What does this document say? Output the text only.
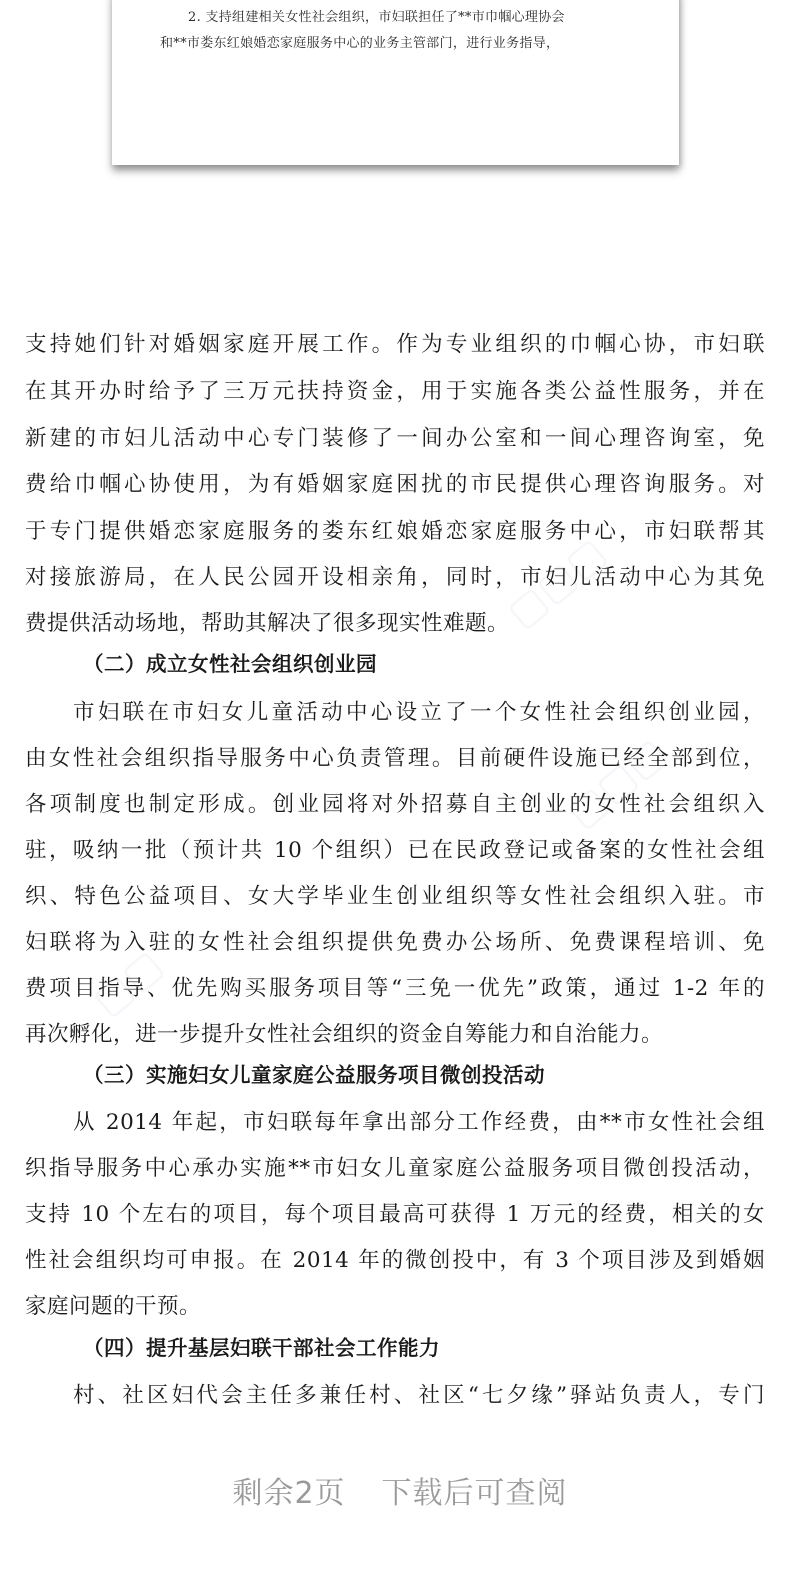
2. 支持组建相关女性社会组织，市妇联担任了**市巾帼心理协会
和**市娄东红娘婚恋家庭服务中心的业务主管部门，进行业务指导，
▢▢▢
▢▢▢
▢▢
支持她们针对婚姻家庭开展工作。作为专业组织的巾帼心协，市妇联
在其开办时给予了三万元扶持资金，用于实施各类公益性服务，并在
新建的市妇儿活动中心专门装修了一间办公室和一间心理咨询室，免
费给巾帼心协使用，为有婚姻家庭困扰的市民提供心理咨询服务。对
于专门提供婚恋家庭服务的娄东红娘婚恋家庭服务中心，市妇联帮其
对接旅游局，在人民公园开设相亲角，同时，市妇儿活动中心为其免
费提供活动场地，帮助其解决了很多现实性难题。
（二）成立女性社会组织创业园
市妇联在市妇女儿童活动中心设立了一个女性社会组织创业园，
由女性社会组织指导服务中心负责管理。目前硬件设施已经全部到位，
各项制度也制定形成。创业园将对外招募自主创业的女性社会组织入
驻，吸纳一批（预计共 10 个组织）已在民政登记或备案的女性社会组
织、特色公益项目、女大学毕业生创业组织等女性社会组织入驻。市
妇联将为入驻的女性社会组织提供免费办公场所、免费课程培训、免
费项目指导、优先购买服务项目等“三免一优先”政策，通过 1-2 年的
再次孵化，进一步提升女性社会组织的资金自筹能力和自治能力。
（三）实施妇女儿童家庭公益服务项目微创投活动
从 2014 年起，市妇联每年拿出部分工作经费，由**市女性社会组
织指导服务中心承办实施**市妇女儿童家庭公益服务项目微创投活动，
支持 10 个左右的项目，每个项目最高可获得 1 万元的经费，相关的女
性社会组织均可申报。在 2014 年的微创投中，有 3 个项目涉及到婚姻
家庭问题的干预。
（四）提升基层妇联干部社会工作能力
村、社区妇代会主任多兼任村、社区“七夕缘”驿站负责人，专门
剩余2页 下载后可查阅
